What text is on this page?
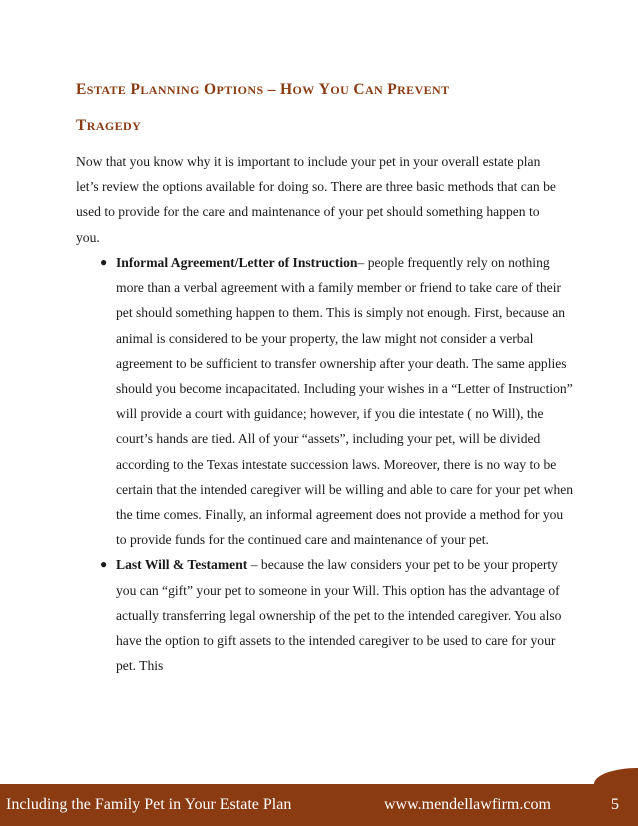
ESTATE PLANNING OPTIONS – HOW YOU CAN PREVENT
TRAGEDY

Now that you know why it is important to include your pet in your overall estate plan let’s review the options available for doing so. There are three basic methods that can be used to provide for the care and maintenance of your pet should something happen to you.

● Informal Agreement/Letter of Instruction– people frequently rely on nothing more than a verbal agreement with a family member or friend to take care of their pet should something happen to them. This is simply not enough. First, because an animal is considered to be your property, the law might not consider a verbal agreement to be sufficient to transfer ownership after your death. The same applies should you become incapacitated. Including your wishes in a “Letter of Instruction” will provide a court with guidance; however, if you die intestate ( no Will), the court’s hands are tied. All of your “assets”, including your pet, will be divided according to the Texas intestate succession laws. Moreover, there is no way to be certain that the intended caregiver will be willing and able to care for your pet when the time comes. Finally, an informal agreement does not provide a method for you to provide funds for the continued care and maintenance of your pet.
● Last Will & Testament – because the law considers your pet to be your property you can “gift” your pet to someone in your Will. This option has the advantage of actually transferring legal ownership of the pet to the intended caregiver. You also have the option to gift assets to the intended caregiver to be used to care for your pet. This
Including the Family Pet in Your Estate Plan	www.mendellawfirm.com	5
